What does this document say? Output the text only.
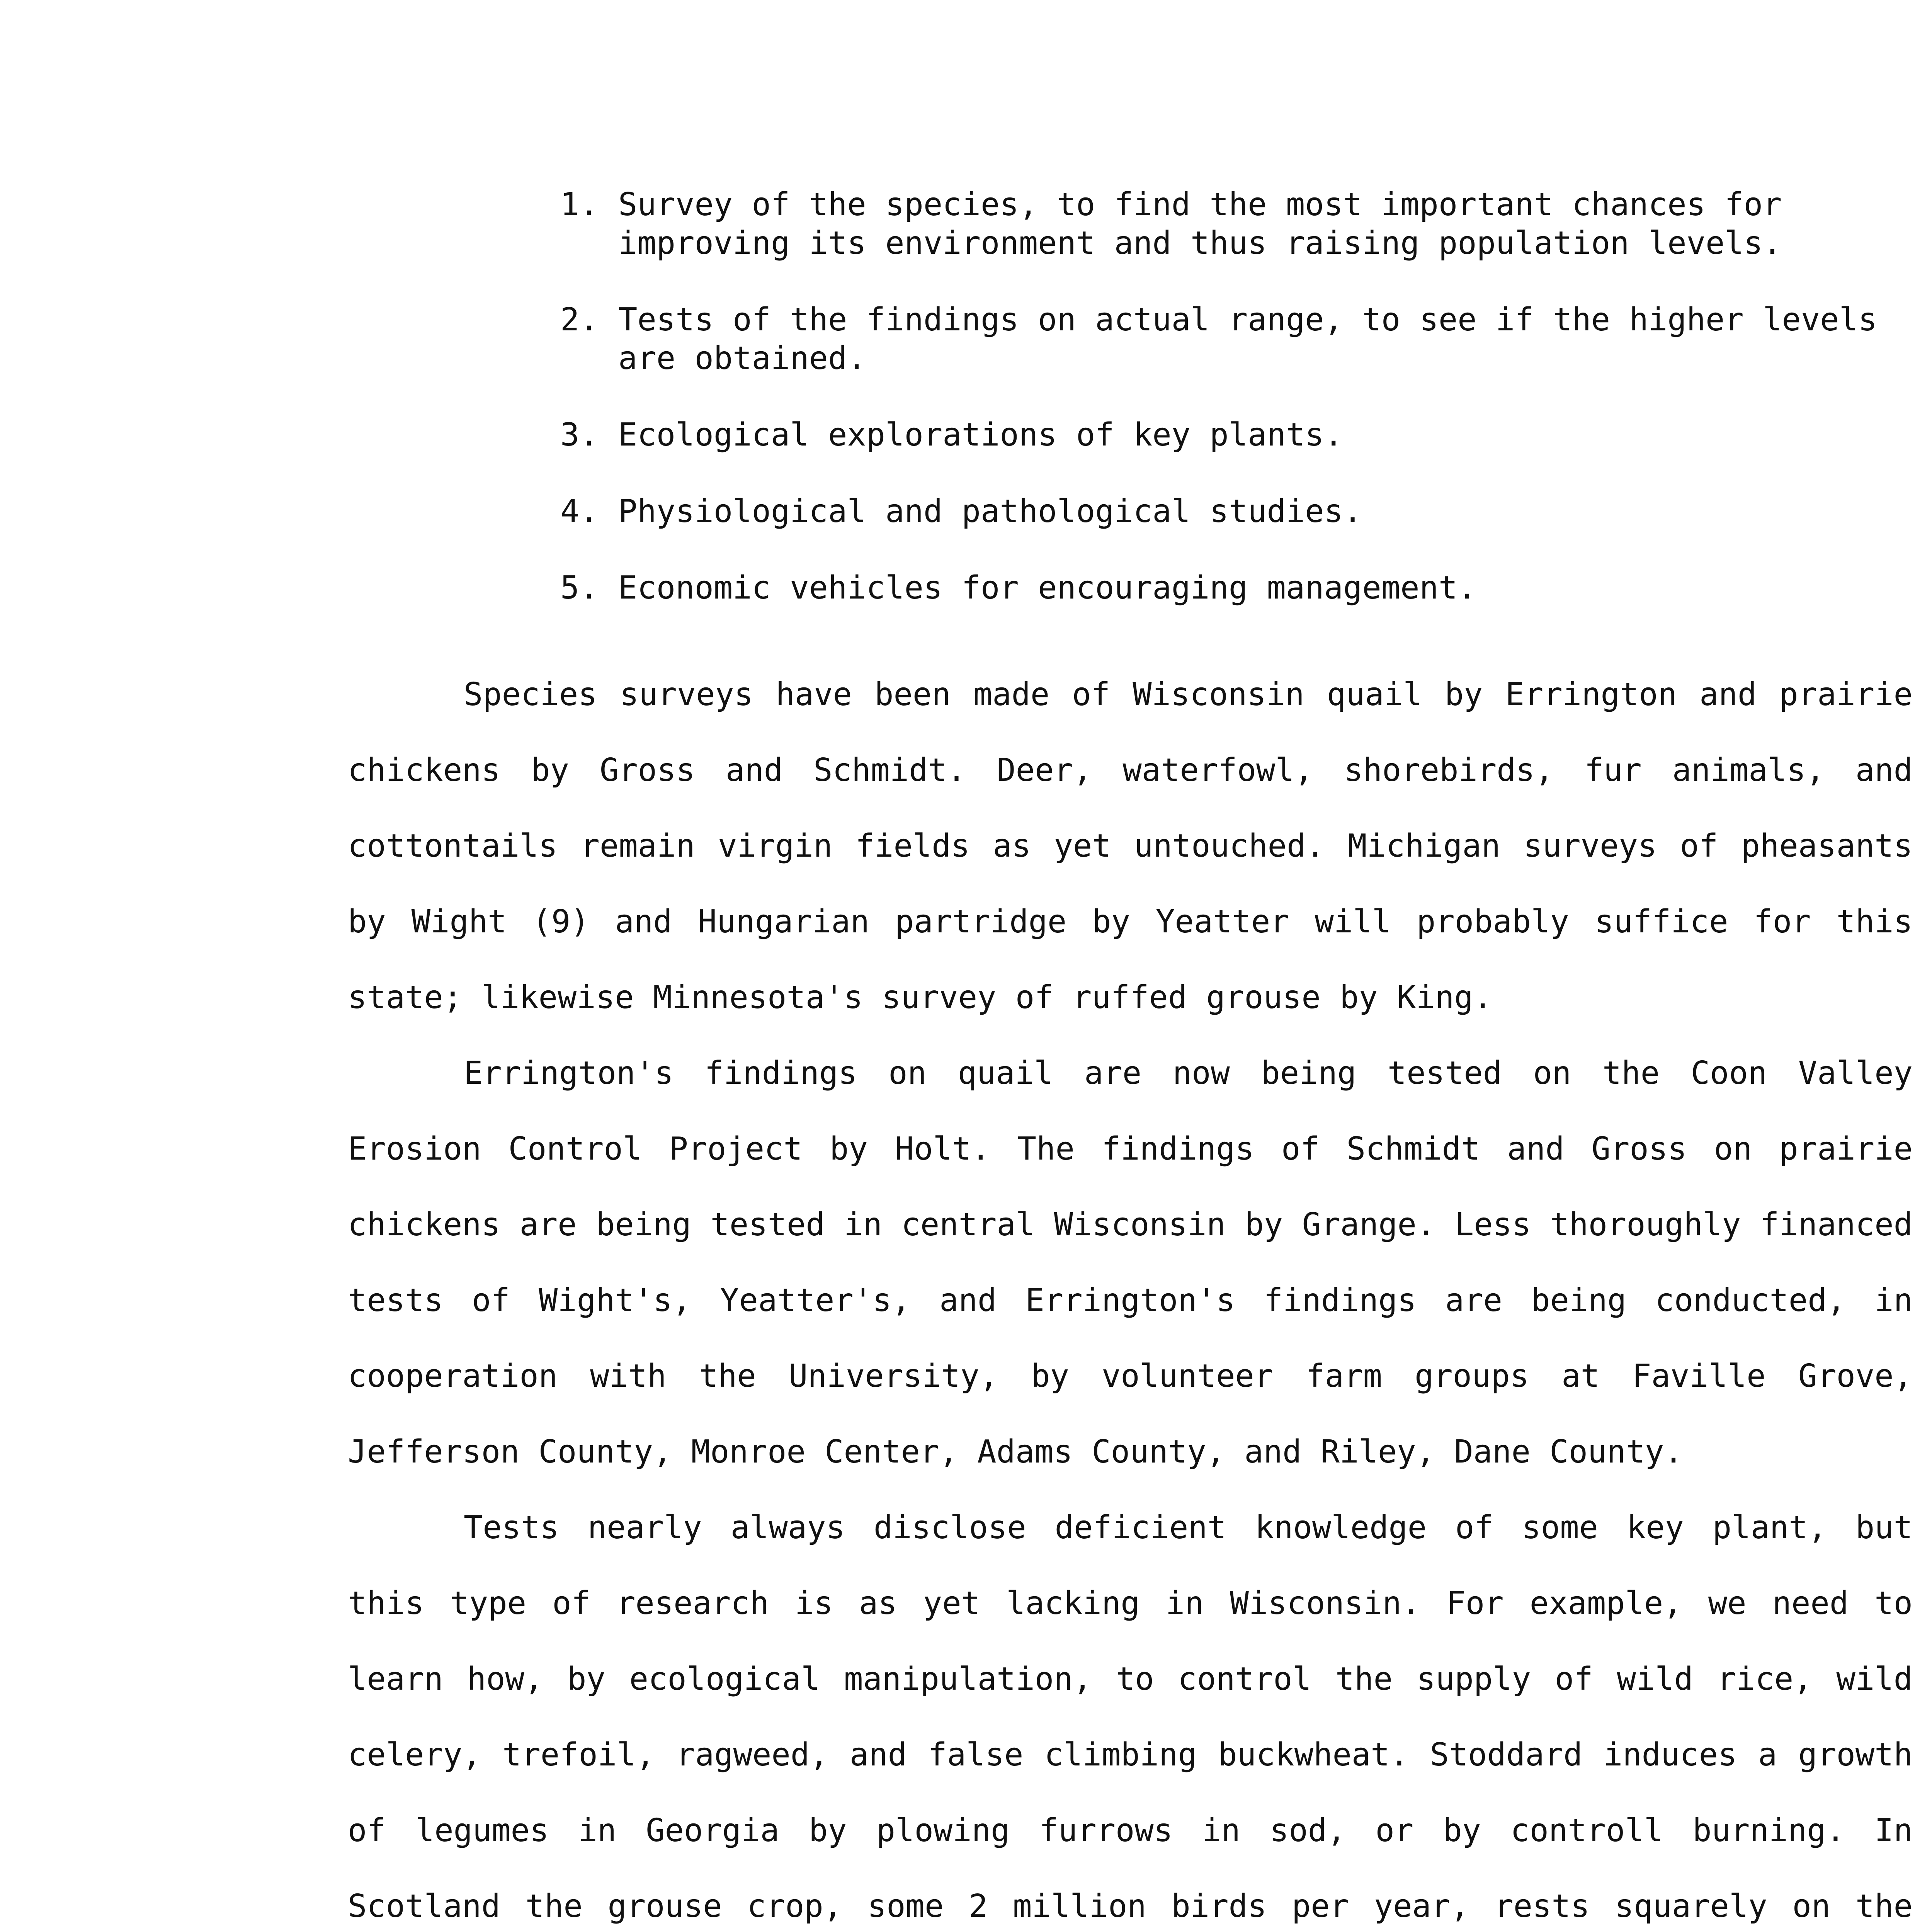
1. Survey of the species, to find the most important chances for improving its environment and thus raising population levels.
2. Tests of the findings on actual range, to see if the higher levels are obtained.
3. Ecological explorations of key plants.
4. Physiological and pathological studies.
5. Economic vehicles for encouraging management.

Species surveys have been made of Wisconsin quail by Errington and prairie chickens by Gross and Schmidt. Deer, waterfowl, shorebirds, fur animals, and cottontails remain virgin fields as yet untouched. Michigan surveys of pheasants by Wight (9) and Hungarian partridge by Yeatter will probably suffice for this state; likewise Minnesota's survey of ruffed grouse by King.

Errington's findings on quail are now being tested on the Coon Valley Erosion Control Project by Holt. The findings of Schmidt and Gross on prairie chickens are being tested in central Wisconsin by Grange. Less thoroughly financed tests of Wight's, Yeatter's, and Errington's findings are being conducted, in cooperation with the University, by volunteer farm groups at Faville Grove, Jefferson County, Monroe Center, Adams County, and Riley, Dane County.

Tests nearly always disclose deficient knowledge of some key plant, but this type of research is as yet lacking in Wisconsin. For example, we need to learn how, by ecological manipulation, to control the supply of wild rice, wild celery, trefoil, ragweed, and false climbing buckwheat. Stoddard induces a growth of legumes in Georgia by plowing furrows in sod, or by controll burning. In Scotland the grouse crop, some 2 million birds per year, rests squarely on the
